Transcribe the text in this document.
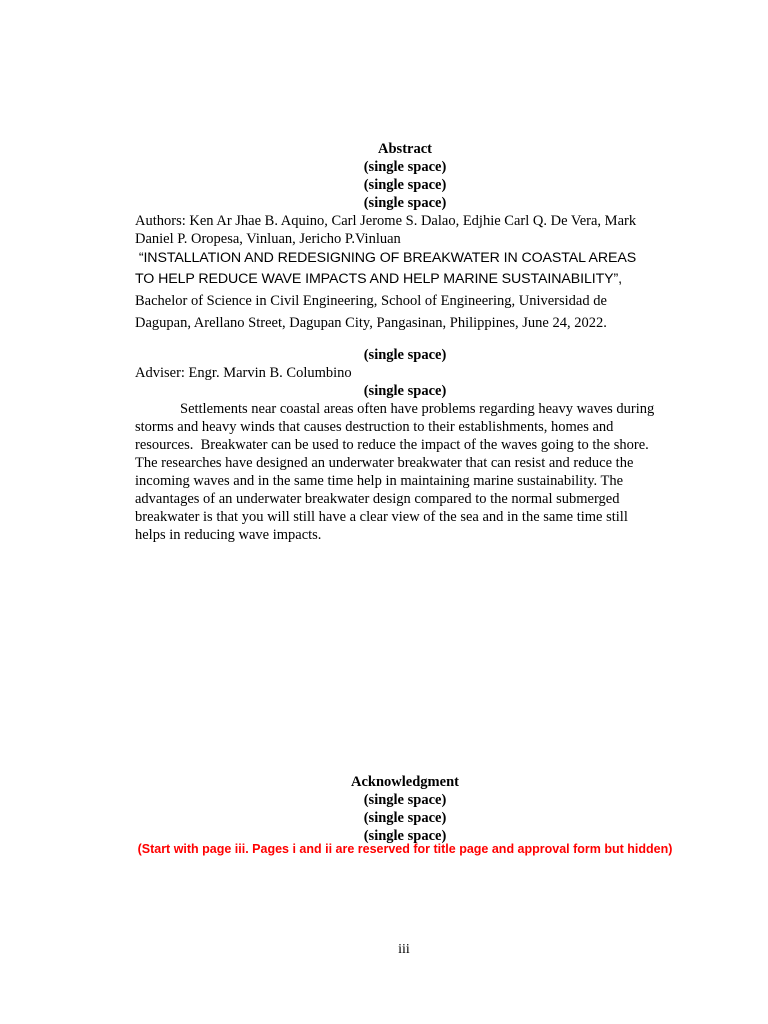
Abstract
(single space)
(single space)
(single space)
Authors: Ken Ar Jhae B. Aquino, Carl Jerome S. Dalao, Edjhie Carl Q. De Vera, Mark
Daniel P. Oropesa, Vinluan, Jericho P.Vinluan
“INSTALLATION AND REDESIGNING OF BREAKWATER IN COASTAL AREAS
TO HELP REDUCE WAVE IMPACTS AND HELP MARINE SUSTAINABILITY”,
Bachelor of Science in Civil Engineering, School of Engineering, Universidad de
Dagupan, Arellano Street, Dagupan City, Pangasinan, Philippines, June 24, 2022.
(single space)
Adviser: Engr. Marvin B. Columbino
(single space)
Settlements near coastal areas often have problems regarding heavy waves during
storms and heavy winds that causes destruction to their establishments, homes and
resources.  Breakwater can be used to reduce the impact of the waves going to the shore.
The researches have designed an underwater breakwater that can resist and reduce the
incoming waves and in the same time help in maintaining marine sustainability. The
advantages of an underwater breakwater design compared to the normal submerged
breakwater is that you will still have a clear view of the sea and in the same time still
helps in reducing wave impacts.
Acknowledgment
(single space)
(single space)
(single space)
(Start with page iii. Pages i and ii are reserved for title page and approval form but hidden)
iii
